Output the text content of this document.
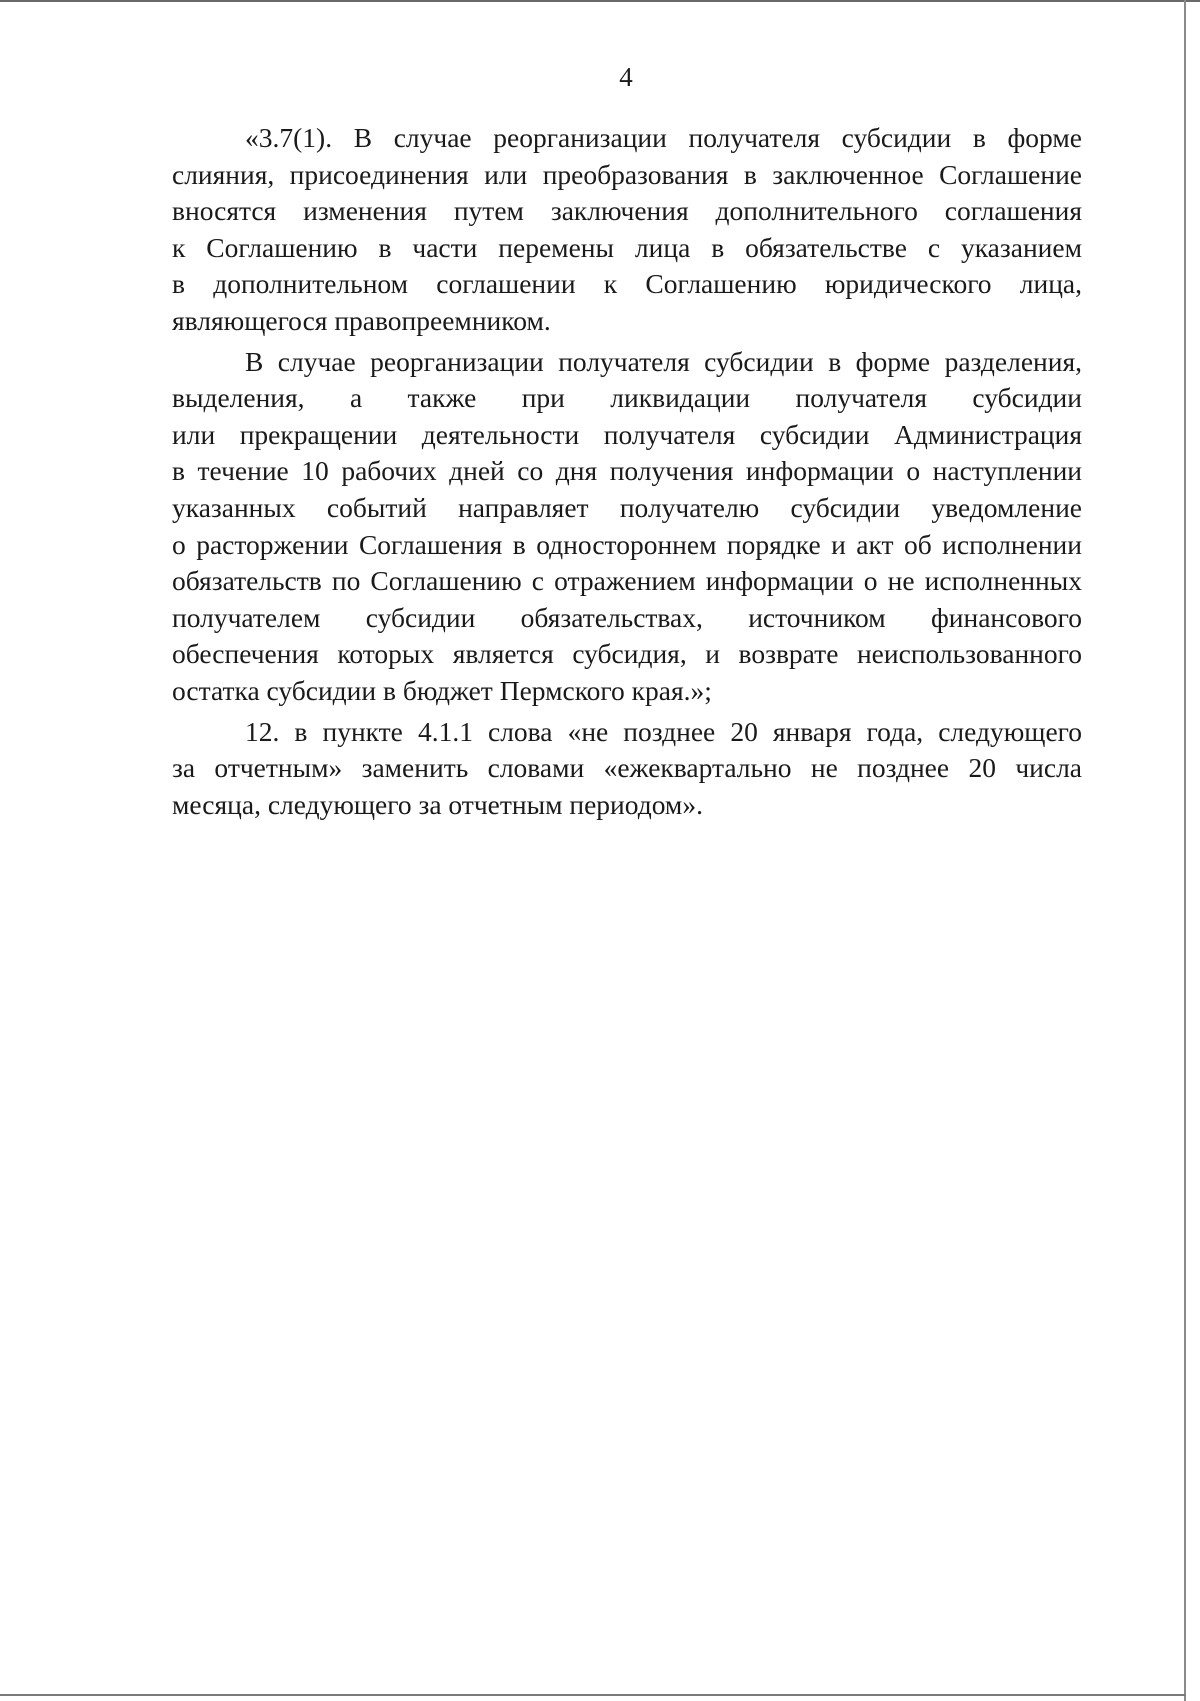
4
«3.7(1). В случае реорганизации получателя субсидии в форме
слияния, присоединения или преобразования в заключенное Соглашение
вносятся изменения путем заключения дополнительного соглашения
к Соглашению в части перемены лица в обязательстве с указанием
в дополнительном соглашении к Соглашению юридического лица,
являющегося правопреемником.
В случае реорганизации получателя субсидии в форме разделения,
выделения, а также при ликвидации получателя субсидии
или прекращении деятельности получателя субсидии Администрация
в течение 10 рабочих дней со дня получения информации о наступлении
указанных событий направляет получателю субсидии уведомление
о расторжении Соглашения в одностороннем порядке и акт об исполнении
обязательств по Соглашению с отражением информации о не исполненных
получателем субсидии обязательствах, источником финансового
обеспечения которых является субсидия, и возврате неиспользованного
остатка субсидии в бюджет Пермского края.»;
12. в пункте 4.1.1 слова «не позднее 20 января года, следующего
за отчетным» заменить словами «ежеквартально не позднее 20 числа
месяца, следующего за отчетным периодом».
